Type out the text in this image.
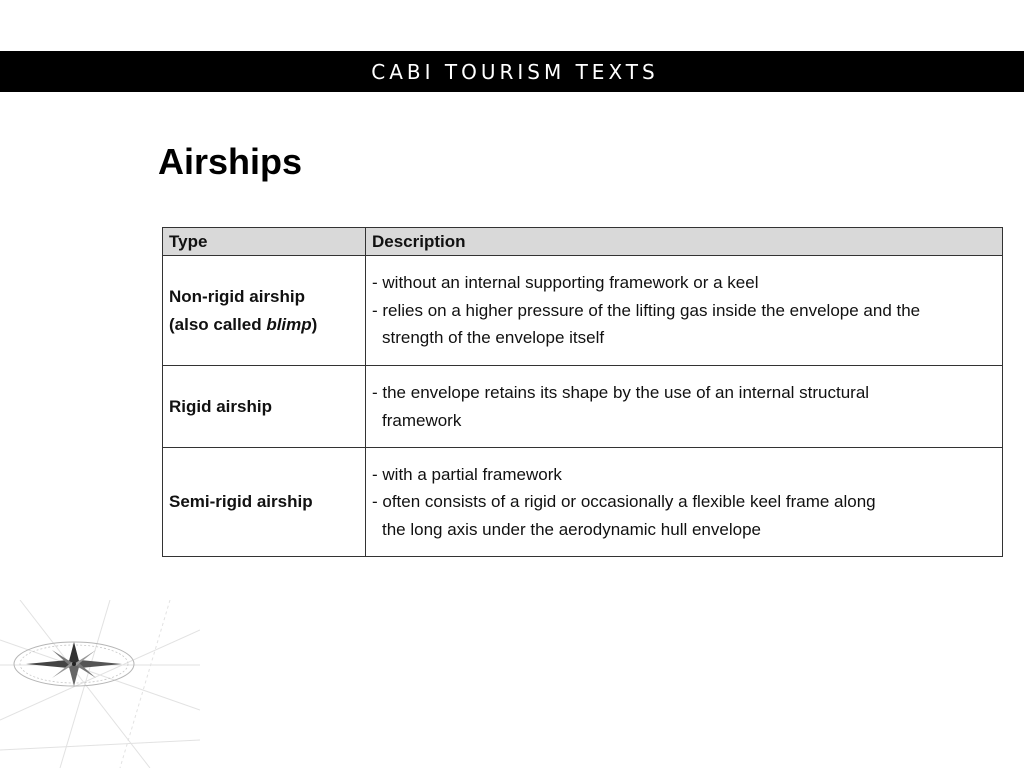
CABI TOURISM TEXTS
Airships
Type	Description

Non-rigid airship
(also called blimp)	- without an internal supporting framework or a keel
- relies on a higher pressure of the lifting gas inside the envelope and the
strength of the envelope itself

Rigid airship	- the envelope retains its shape by the use of an internal structural
framework

Semi-rigid airship	- with a partial framework
- often consists of a rigid or occasionally a flexible keel frame along
the long axis under the aerodynamic hull envelope
